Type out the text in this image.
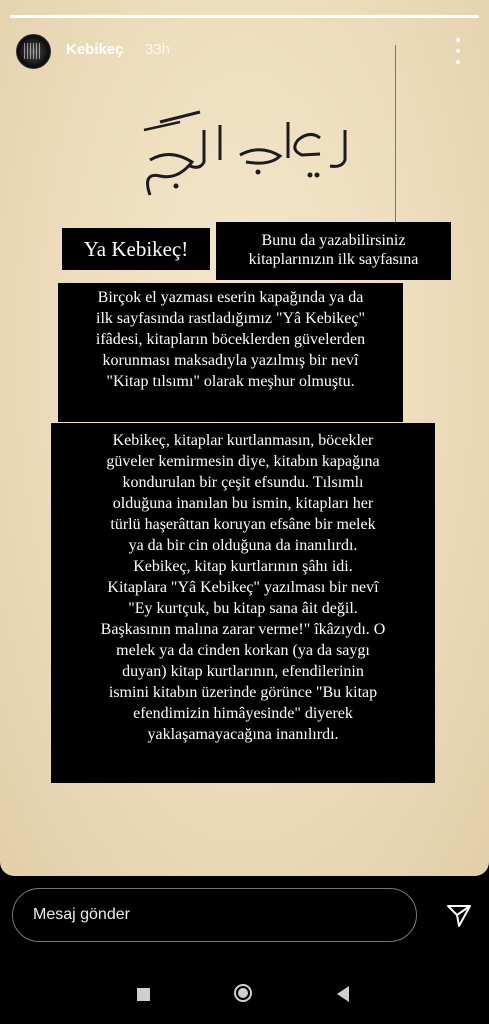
Kebikeç 33h
Ya Kebikeç!	Bunu da yazabilirsiniz
kitaplarınızın ilk sayfasına
Birçok el yazması eserin kapağında ya da
ilk sayfasında rastladığımız "Yâ Kebikeç"
ifâdesi, kitapların böceklerden güvelerden
korunması maksadıyla yazılmış bir nevî
"Kitap tılsımı" olarak meşhur olmuştu.
Kebikeç, kitaplar kurtlanmasın, böcekler
güveler kemirmesin diye, kitabın kapağına
kondurulan bir çeşit efsundu. Tılsımlı
olduğuna inanılan bu ismin, kitapları her
türlü haşerâttan koruyan efsâne bir melek
ya da bir cin olduğuna da inanılırdı.
Kebikeç, kitap kurtlarının şâhı idi.
Kitaplara "Yâ Kebikeç" yazılması bir nevî
"Ey kurtçuk, bu kitap sana âit değil.
Başkasının malına zarar verme!" îkâzıydı. O
melek ya da cinden korkan (ya da saygı
duyan) kitap kurtlarının, efendilerinin
ismini kitabın üzerinde görünce "Bu kitap
efendimizin himâyesinde" diyerek
yaklaşamayacağına inanılırdı.
Mesaj gönder
